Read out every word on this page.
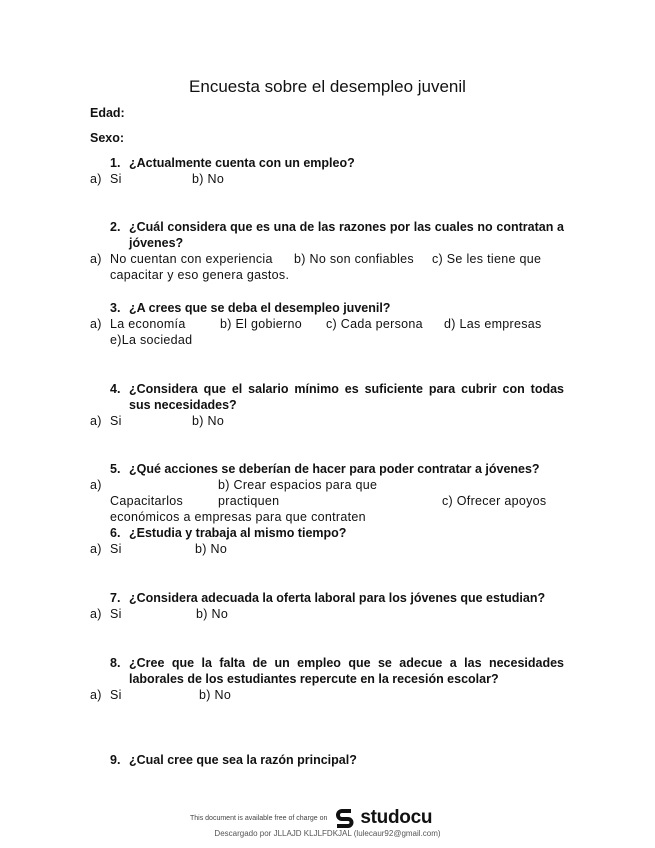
Encuesta sobre el desempleo juvenil
Edad:
Sexo:
1. ¿Actualmente cuenta con un empleo?
a) Si	b) No
2. ¿Cuál considera que es una de las razones por las cuales no contratan a jóvenes?
a) No cuentan con experiencia b) No son confiables c) Se les tiene que capacitar y eso genera gastos.
3. ¿A crees que se deba el desempleo juvenil?
a) La economía	b) El gobierno c) Cada persona d) Las empresas
e)La sociedad
4. ¿Considera que el salario mínimo es suficiente para cubrir con todas sus necesidades?
a) Si	b) No
5. ¿Qué acciones se deberían de hacer para poder contratar a jóvenes?
a)
Capacitarlosb) Crear espacios para que practiquen	c) Ofrecer apoyos económicos a empresas para que contraten
6. ¿Estudia y trabaja al mismo tiempo?
a) Si	b) No
7. ¿Considera adecuada la oferta laboral para los jóvenes que estudian?
a) Si	b) No
8. ¿Cree que la falta de un empleo que se adecue a las necesidades laborales de los estudiantes repercute en la recesión escolar?
a) Si	b) No
9. ¿Cual cree que sea la razón principal?
This document is available free of charge on studocu
Descargado por JLLAJD KLJLFDKJAL (lulecaur92@gmail.com)
